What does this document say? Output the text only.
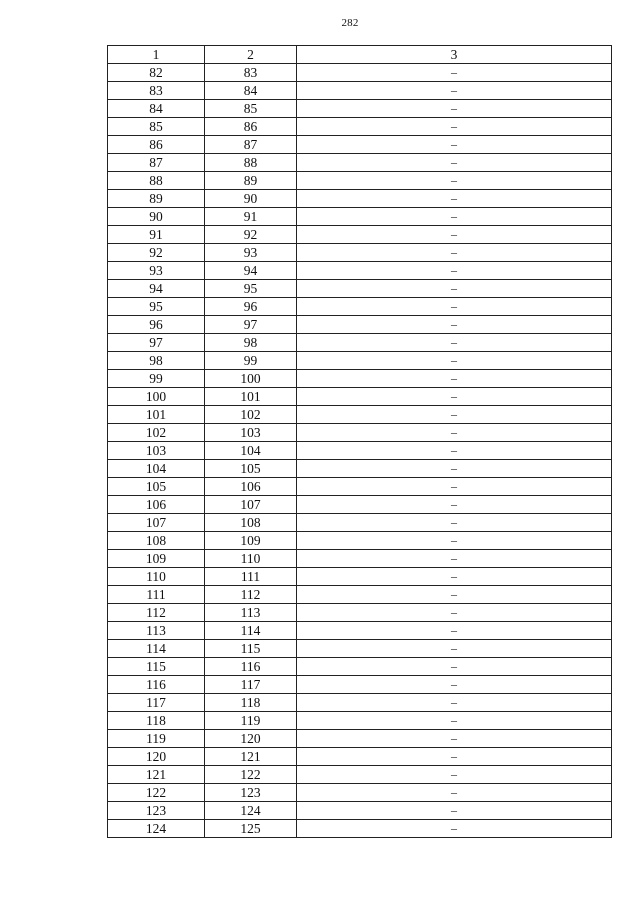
282
1	2	3
82	83	–
83	84	–
84	85	–
85	86	–
86	87	–
87	88	–
88	89	–
89	90	–
90	91	–
91	92	–
92	93	–
93	94	–
94	95	–
95	96	–
96	97	–
97	98	–
98	99	–
99	100	–
100	101	–
101	102	–
102	103	–
103	104	–
104	105	–
105	106	–
106	107	–
107	108	–
108	109	–
109	110	–
110	111	–
111	112	–
112	113	–
113	114	–
114	115	–
115	116	–
116	117	–
117	118	–
118	119	–
119	120	–
120	121	–
121	122	–
122	123	–
123	124	–
124	125	–
